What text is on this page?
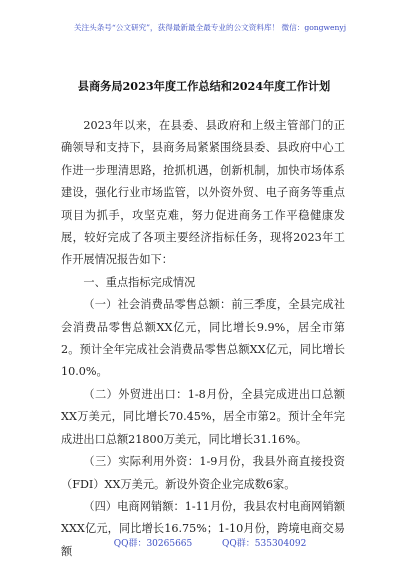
关注头条号“公文研究”，获得最新最全最专业的公文资料库！ 微信：gongwenyj
县商务局2023年度工作总结和2024年度工作计划

2023年以来，在县委、县政府和上级主管部门的正确领导和支持下，县商务局紧紧围绕县委、县政府中心工作进一步理清思路，抢抓机遇，创新机制，加快市场体系建设，强化行业市场监管，以外资外贸、电子商务等重点项目为抓手，攻坚克难，努力促进商务工作平稳健康发展，较好完成了各项主要经济指标任务，现将2023年工作开展情况报告如下：

一、重点指标完成情况

（一）社会消费品零售总额：前三季度，全县完成社会消费品零售总额XX亿元，同比增长9.9%，居全市第2。预计全年完成社会消费品零售总额XX亿元，同比增长10.0%。

（二）外贸进出口：1-8月份，全县完成进出口总额XX万美元，同比增长70.45%，居全市第2。预计全年完成进出口总额21800万美元，同比增长31.16%。

（三）实际利用外资：1-9月份，我县外商直接投资（FDI）XX万美元。新设外资企业完成数6家。

（四）电商网销额：1-11月份，我县农村电商网销额XXX亿元，同比增长16.75%；1-10月份，跨境电商交易额

QQ群：30265665	QQ群：535304092
